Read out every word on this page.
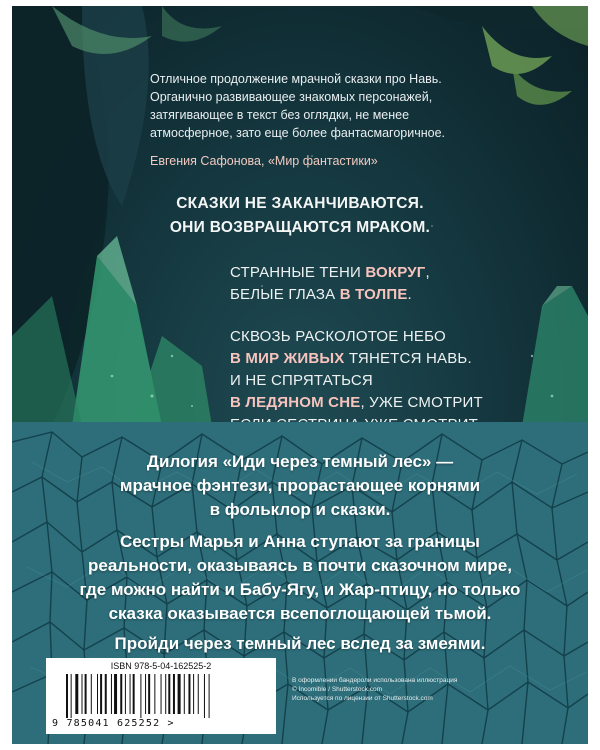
Отличное продолжение мрачной сказки про Навь.

Органично развивающее знакомых персонажей,

затягивающее в текст без оглядки, не менее

атмосферное, зато еще более фантасмагоричное.

Евгения Сафонова, «Мир фантастики»

СКАЗКИ НЕ ЗАКАНЧИВАЮТСЯ.
ОНИ ВОЗВРАЩАЮТСЯ МРАКОМ.
СТРАННЫЕ ТЕНИ ВОКРУГ,
БЕЛЫЕ ГЛАЗА В ТОЛПЕ.
СКВОЗЬ РАСКОЛОТОЕ НЕБО
В МИР ЖИВЫХ ТЯНЕТСЯ НАВЬ.
И НЕ СПРЯТАТЬСЯ
В ЛЕДЯНОМ СНЕ, УЖЕ СМОТРИТ
Дилогия «Иди через темный лес» —
мрачное фэнтези, прорастающее корнями
в фольклор и сказки.
Сестры Марья и Анна ступают за границы
реальности, оказываясь в почти сказочном мире,
где можно найти и Бабу-Ягу, и Жар-птицу, но только
сказка оказывается всепоглощающей тьмой.
Пройди через темный лес вслед за змеями.
ISBN 978-5-04-162525-2
9 785041 625252 >
В оформлении бандероли использована иллюстрация
© Incomible / Shutterstock.com
Используется по лицензии от Shutterstock.com
